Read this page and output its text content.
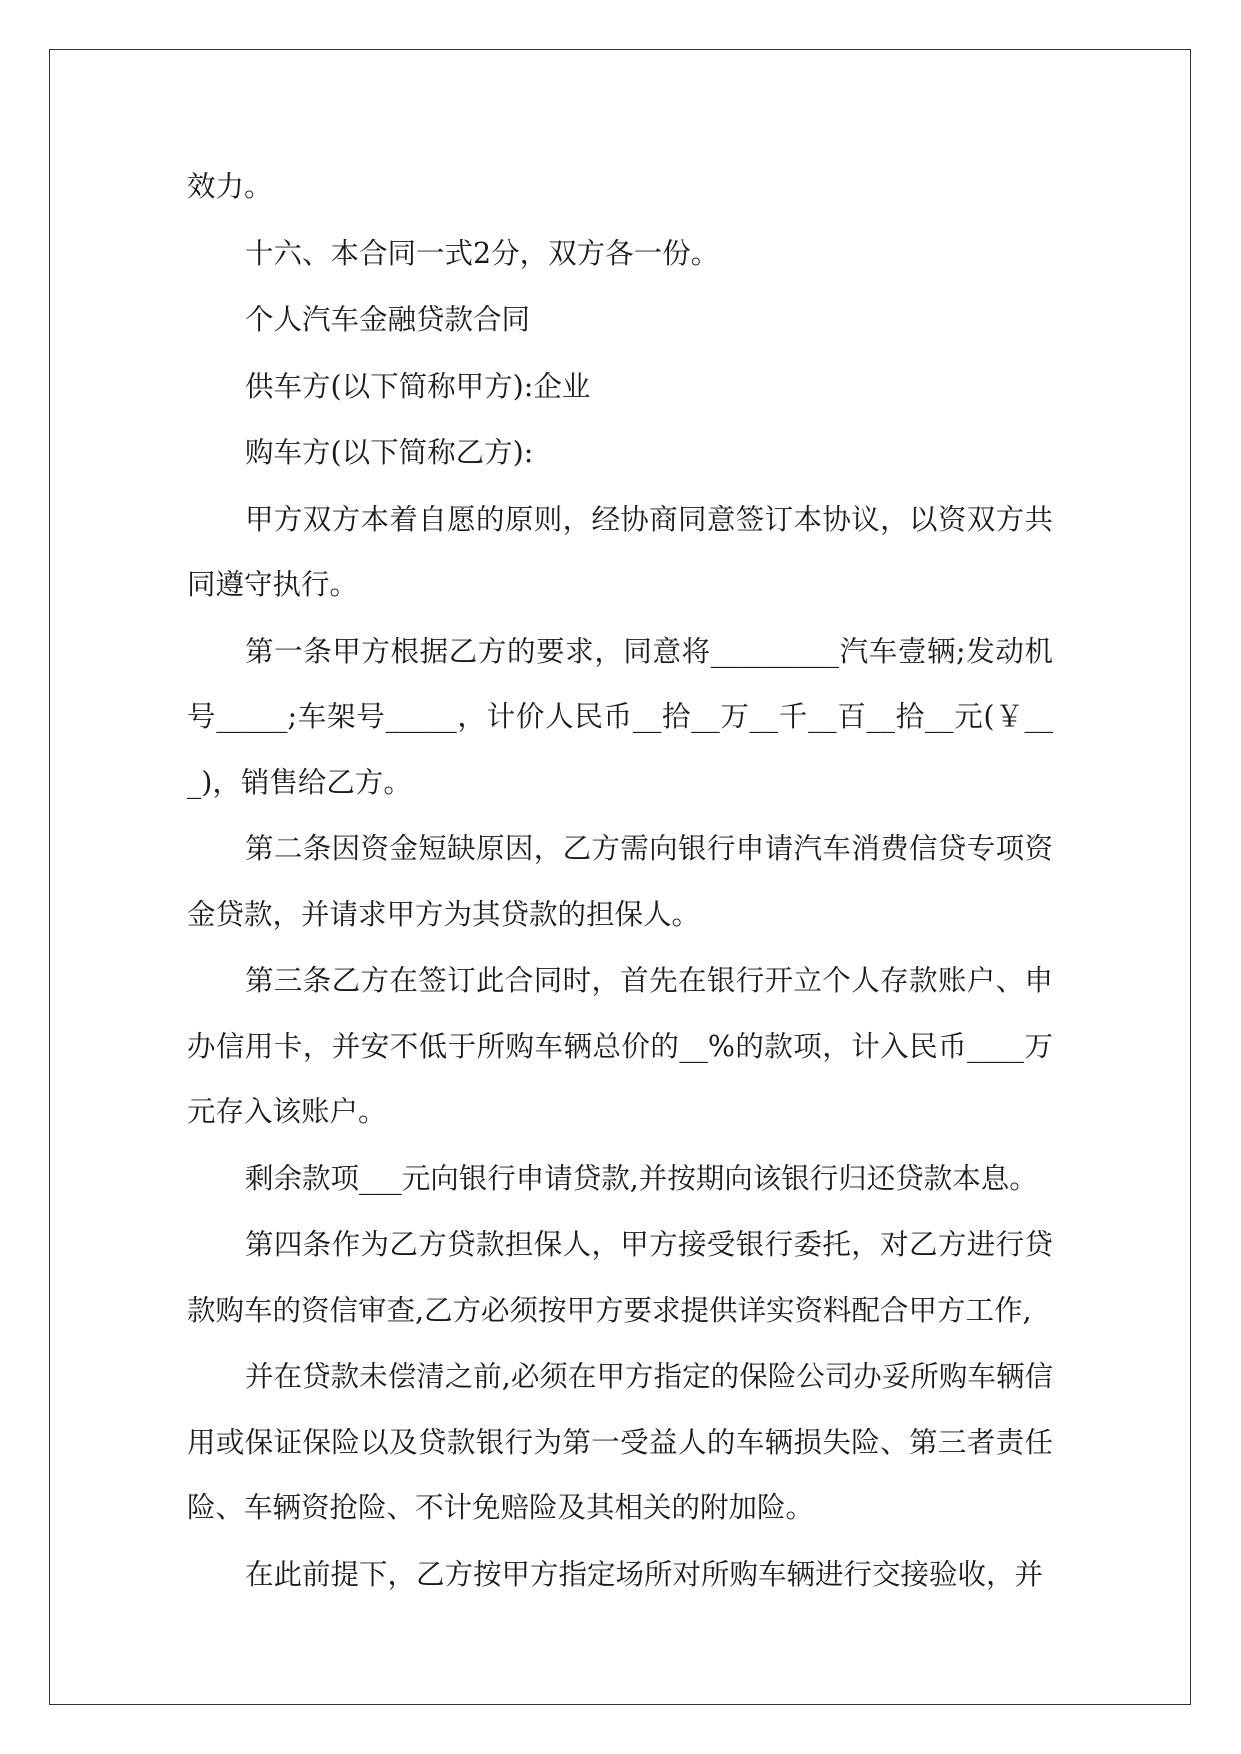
效力。

十六、本合同一式2分，双方各一份。

个人汽车金融贷款合同

供车方(以下简称甲方):企业

购车方(以下简称乙方):

甲方双方本着自愿的原则，经协商同意签订本协议，以资双方共同遵守执行。

第一条甲方根据乙方的要求，同意将_________汽车壹辆;发动机号_____;车架号_____，计价人民币__拾__万__千__百__拾__元(￥___)，销售给乙方。

第二条因资金短缺原因，乙方需向银行申请汽车消费信贷专项资金贷款，并请求甲方为其贷款的担保人。

第三条乙方在签订此合同时，首先在银行开立个人存款账户、申办信用卡，并安不低于所购车辆总价的__%的款项，计入民币____万元存入该账户。

剩余款项___元向银行申请贷款,并按期向该银行归还贷款本息。

第四条作为乙方贷款担保人，甲方接受银行委托，对乙方进行贷款购车的资信审查,乙方必须按甲方要求提供详实资料配合甲方工作,

并在贷款未偿清之前,必须在甲方指定的保险公司办妥所购车辆信用或保证保险以及贷款银行为第一受益人的车辆损失险、第三者责任险、车辆资抢险、不计免赔险及其相关的附加险。

在此前提下，乙方按甲方指定场所对所购车辆进行交接验收，并
